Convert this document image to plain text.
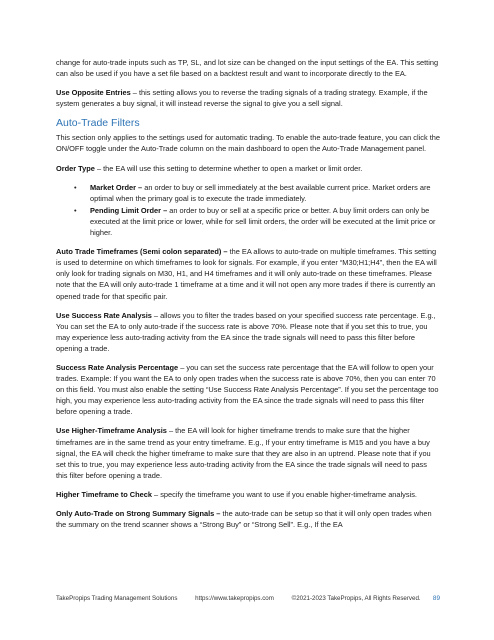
change for auto-trade inputs such as TP, SL, and lot size can be changed on the input settings of the EA. This setting can also be used if you have a set file based on a backtest result and want to incorporate directly to the EA.

Use Opposite Entries – this setting allows you to reverse the trading signals of a trading strategy. Example, if the system generates a buy signal, it will instead reverse the signal to give you a sell signal.

Auto-Trade Filters

This section only applies to the settings used for automatic trading. To enable the auto-trade feature, you can click the ON/OFF toggle under the Auto-Trade column on the main dashboard to open the Auto-Trade Management panel.

Order Type – the EA will use this setting to determine whether to open a market or limit order.

• Market Order – an order to buy or sell immediately at the best available current price. Market orders are optimal when the primary goal is to execute the trade immediately.
• Pending Limit Order – an order to buy or sell at a specific price or better. A buy limit orders can only be executed at the limit price or lower, while for sell limit orders, the order will be executed at the limit price or higher.

Auto Trade Timeframes (Semi colon separated) – the EA allows to auto-trade on multiple timeframes. This setting is used to determine on which timeframes to look for signals. For example, if you enter “M30;H1;H4”, then the EA will only look for trading signals on M30, H1, and H4 timeframes and it will only auto-trade on these timeframes. Please note that the EA will only auto-trade 1 timeframe at a time and it will not open any more trades if there is currently an opened trade for that specific pair.

Use Success Rate Analysis – allows you to filter the trades based on your specified success rate percentage. E.g., You can set the EA to only auto-trade if the success rate is above 70%. Please note that if you set this to true, you may experience less auto-trading activity from the EA since the trade signals will need to pass this filter before opening a trade.

Success Rate Analysis Percentage – you can set the success rate percentage that the EA will follow to open your trades. Example: If you want the EA to only open trades when the success rate is above 70%, then you can enter 70 on this field. You must also enable the setting “Use Success Rate Analysis Percentage”. If you set the percentage too high, you may experience less auto-trading activity from the EA since the trade signals will need to pass this filter before opening a trade.

Use Higher-Timeframe Analysis – the EA will look for higher timeframe trends to make sure that the higher timeframes are in the same trend as your entry timeframe. E.g., If your entry timeframe is M15 and you have a buy signal, the EA will check the higher timeframe to make sure that they are also in an uptrend. Please note that if you set this to true, you may experience less auto-trading activity from the EA since the trade signals will need to pass this filter before opening a trade.

Higher Timeframe to Check – specify the timeframe you want to use if you enable higher-timeframe analysis.

Only Auto-Trade on Strong Summary Signals – the auto-trade can be setup so that it will only open trades when the summary on the trend scanner shows a “Strong Buy” or “Strong Sell”. E.g., If the EA

TakePropips Trading Management Solutions	https://www.takepropips.com	©2021-2023 TakePropips, All Rights Reserved. 89
